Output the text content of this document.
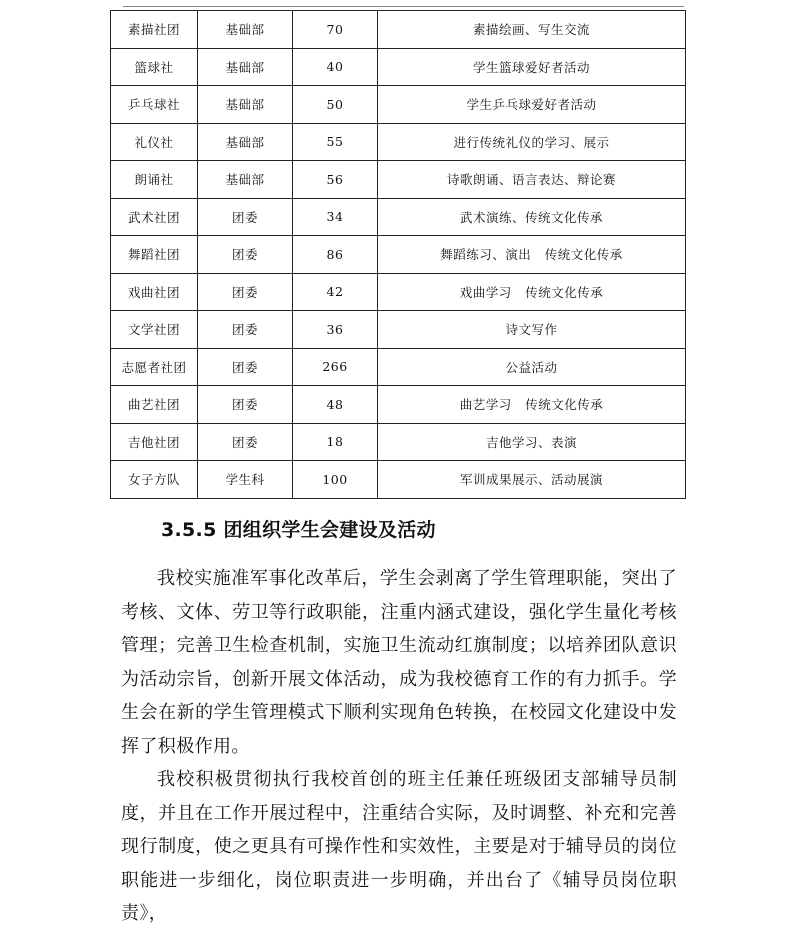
素描社团	基础部	70	素描绘画、写生交流
篮球社	基础部	40	学生篮球爱好者活动
乒乓球社	基础部	50	学生乒乓球爱好者活动
礼仪社	基础部	55	进行传统礼仪的学习、展示
朗诵社	基础部	56	诗歌朗诵、语言表达、辩论赛
武术社团	团委	34	武术演练、传统文化传承
舞蹈社团	团委	86	舞蹈练习、演出   传统文化传承
戏曲社团	团委	42	戏曲学习   传统文化传承
文学社团	团委	36	诗文写作
志愿者社团	团委	266	公益活动
曲艺社团	团委	48	曲艺学习   传统文化传承
吉他社团	团委	18	吉他学习、表演
女子方队	学生科	100	军训成果展示、活动展演
3.5.5 团组织学生会建设及活动

我校实施准军事化改革后，学生会剥离了学生管理职能，突出了考核、文体、劳卫等行政职能，注重内涵式建设，强化学生量化考核管理；完善卫生检查机制，实施卫生流动红旗制度；以培养团队意识为活动宗旨，创新开展文体活动，成为我校德育工作的有力抓手。学生会在新的学生管理模式下顺利实现角色转换，在校园文化建设中发挥了积极作用。

我校积极贯彻执行我校首创的班主任兼任班级团支部辅导员制度，并且在工作开展过程中，注重结合实际，及时调整、补充和完善现行制度，使之更具有可操作性和实效性，主要是对于辅导员的岗位职能进一步细化，岗位职责进一步明确，并出台了《辅导员岗位职责》，
